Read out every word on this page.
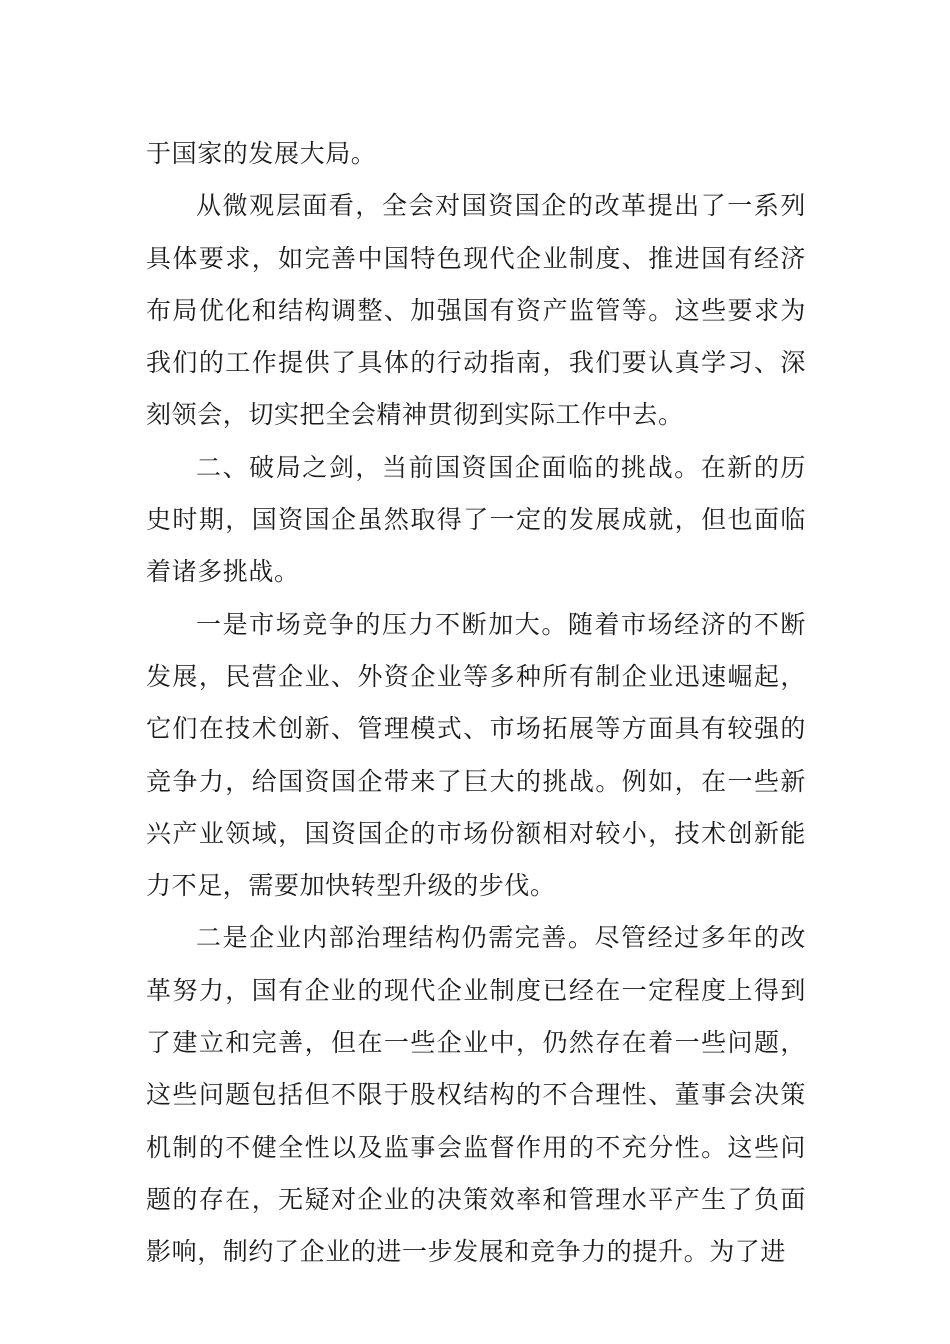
于国家的发展大局。

从微观层面看，全会对国资国企的改革提出了一系列具体要求，如完善中国特色现代企业制度、推进国有经济布局优化和结构调整、加强国有资产监管等。这些要求为我们的工作提供了具体的行动指南，我们要认真学习、深刻领会，切实把全会精神贯彻到实际工作中去。

二、破局之剑，当前国资国企面临的挑战。在新的历史时期，国资国企虽然取得了一定的发展成就，但也面临着诸多挑战。

一是市场竞争的压力不断加大。随着市场经济的不断发展，民营企业、外资企业等多种所有制企业迅速崛起，它们在技术创新、管理模式、市场拓展等方面具有较强的竞争力，给国资国企带来了巨大的挑战。例如，在一些新兴产业领域，国资国企的市场份额相对较小，技术创新能力不足，需要加快转型升级的步伐。

二是企业内部治理结构仍需完善。尽管经过多年的改革努力，国有企业的现代企业制度已经在一定程度上得到了建立和完善，但在一些企业中，仍然存在着一些问题，这些问题包括但不限于股权结构的不合理性、董事会决策机制的不健全性以及监事会监督作用的不充分性。这些问题的存在，无疑对企业的决策效率和管理水平产生了负面影响，制约了企业的进一步发展和竞争力的提升。为了进
